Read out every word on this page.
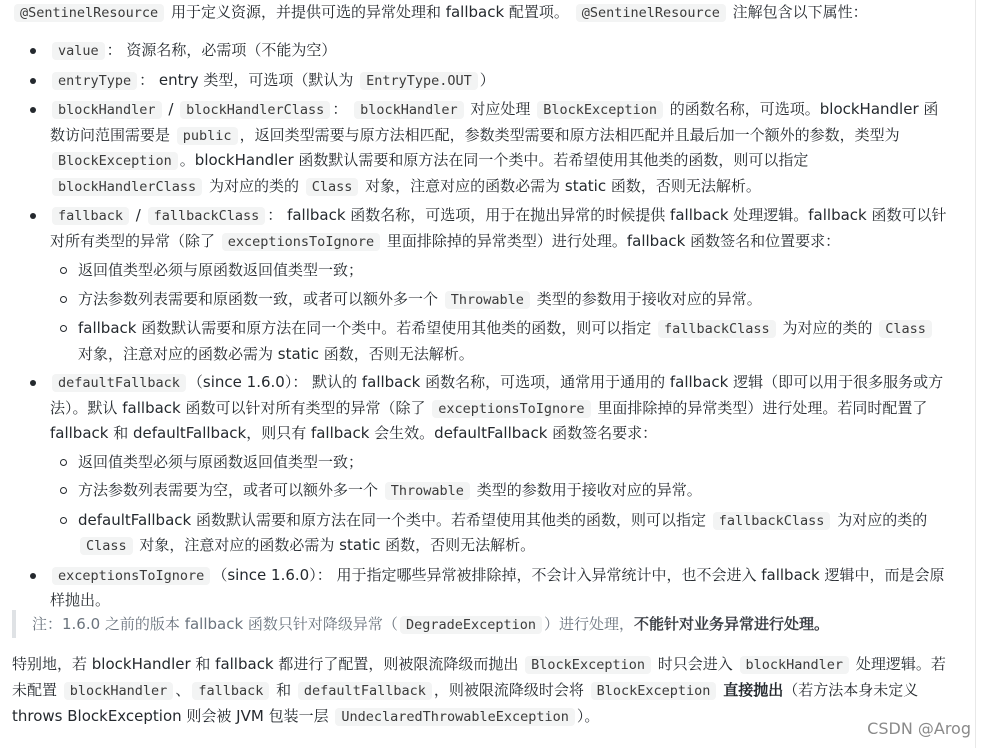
@SentinelResource 用于定义资源，并提供可选的异常处理和 fallback 配置项。 @SentinelResource 注解包含以下属性：

value ： 资源名称，必需项（不能为空）
entryType ： entry 类型，可选项（默认为 EntryType.OUT ）
blockHandler / blockHandlerClass ： blockHandler 对应处理 BlockException 的函数名称，可选项。blockHandler 函数访问范围需要是 public ，返回类型需要与原方法相匹配，参数类型需要和原方法相匹配并且最后加一个额外的参数，类型为 BlockException 。blockHandler 函数默认需要和原方法在同一个类中。若希望使用其他类的函数，则可以指定 blockHandlerClass 为对应的类的 Class 对象，注意对应的函数必需为 static 函数，否则无法解析。
fallback / fallbackClass ： fallback 函数名称，可选项，用于在抛出异常的时候提供 fallback 处理逻辑。fallback 函数可以针对所有类型的异常（除了 exceptionsToIgnore 里面排除掉的异常类型）进行处理。fallback 函数签名和位置要求：
返回值类型必须与原函数返回值类型一致；
方法参数列表需要和原函数一致，或者可以额外多一个 Throwable 类型的参数用于接收对应的异常。
fallback 函数默认需要和原方法在同一个类中。若希望使用其他类的函数，则可以指定 fallbackClass 为对应的类的 Class 对象，注意对应的函数必需为 static 函数，否则无法解析。
defaultFallback （since 1.6.0）： 默认的 fallback 函数名称，可选项，通常用于通用的 fallback 逻辑（即可以用于很多服务或方法）。默认 fallback 函数可以针对所有类型的异常（除了 exceptionsToIgnore 里面排除掉的异常类型）进行处理。若同时配置了 fallback 和 defaultFallback，则只有 fallback 会生效。defaultFallback 函数签名要求：
返回值类型必须与原函数返回值类型一致；
方法参数列表需要为空，或者可以额外多一个 Throwable 类型的参数用于接收对应的异常。
defaultFallback 函数默认需要和原方法在同一个类中。若希望使用其他类的函数，则可以指定 fallbackClass 为对应的类的 Class 对象，注意对应的函数必需为 static 函数，否则无法解析。
exceptionsToIgnore （since 1.6.0）： 用于指定哪些异常被排除掉，不会计入异常统计中，也不会进入 fallback 逻辑中，而是会原样抛出。
注：1.6.0 之前的版本 fallback 函数只针对降级异常（ DegradeException ）进行处理，不能针对业务异常进行处理。

特别地，若 blockHandler 和 fallback 都进行了配置，则被限流降级而抛出 BlockException 时只会进入 blockHandler 处理逻辑。若未配置 blockHandler 、 fallback 和 defaultFallback ，则被限流降级时会将 BlockException 直接抛出（若方法本身未定义 throws BlockException 则会被 JVM 包装一层 UndeclaredThrowableException ）。

CSDN @Arog
